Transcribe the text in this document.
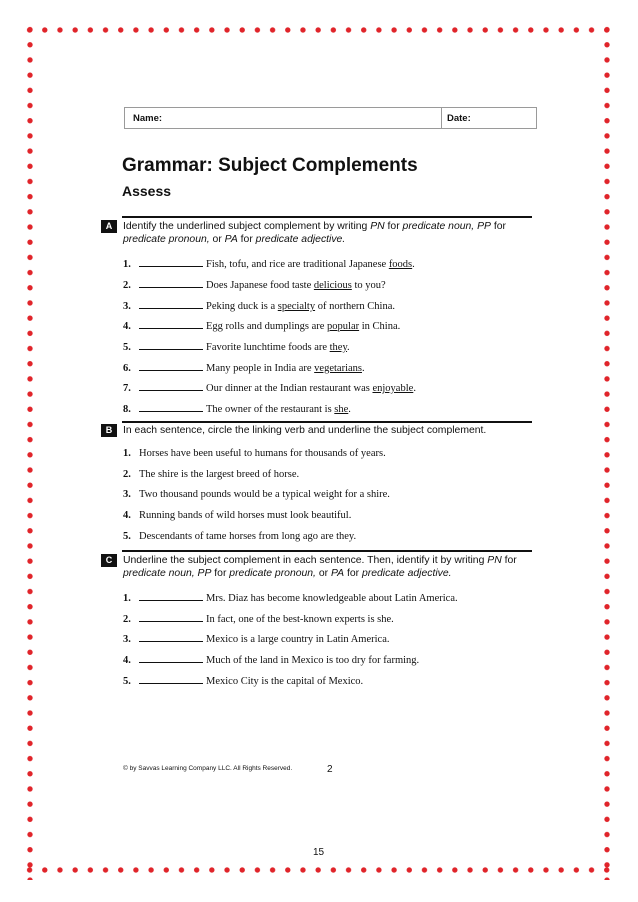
Name:	Date:
Grammar: Subject Complements
Assess
A	Identify the underlined subject complement by writing PN for predicate noun, PP for
predicate pronoun, or PA for predicate adjective.
1.	Fish, tofu, and rice are traditional Japanese foods.
2.	Does Japanese food taste delicious to you?
3.	Peking duck is a specialty of northern China.
4.	Egg rolls and dumplings are popular in China.
5.	Favorite lunchtime foods are they.
6.	Many people in India are vegetarians.
7.	Our dinner at the Indian restaurant was enjoyable.
8.	The owner of the restaurant is she.
B	In each sentence, circle the linking verb and underline the subject complement.
1. Horses have been useful to humans for thousands of years.
2. The shire is the largest breed of horse.
3. Two thousand pounds would be a typical weight for a shire.
4. Running bands of wild horses must look beautiful.
5. Descendants of tame horses from long ago are they.
C	Underline the subject complement in each sentence. Then, identify it by writing PN for
predicate noun, PP for predicate pronoun, or PA for predicate adjective.
1.	Mrs. Diaz has become knowledgeable about Latin America.
2.	In fact, one of the best-known experts is she.
3.	Mexico is a large country in Latin America.
4.	Much of the land in Mexico is too dry for farming.
5.	Mexico City is the capital of Mexico.
© by Savvas Learning Company LLC. All Rights Reserved.	2
15
